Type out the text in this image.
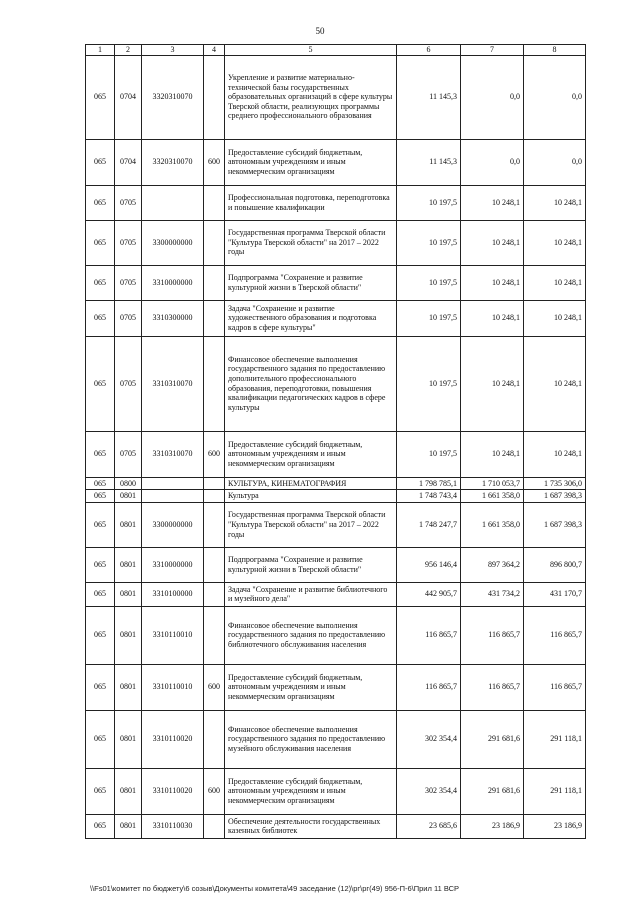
50
1	2	3	4	5	6	7	8
065	0704	3320310070		Укрепление и развитие материально-технической базы государственных образовательных организаций в сфере культуры Тверской области, реализующих программы среднего профессионального образования	11 145,3	0,0	0,0
065	0704	3320310070	600	Предоставление субсидий бюджетным, автономным учреждениям и иным некоммерческим организациям	11 145,3	0,0	0,0
065	0705			Профессиональная подготовка, переподготовка и повышение квалификации	10 197,5	10 248,1	10 248,1
065	0705	3300000000		Государственная программа Тверской области "Культура Тверской области" на 2017 – 2022 годы	10 197,5	10 248,1	10 248,1
065	0705	3310000000		Подпрограмма "Сохранение и развитие культурной жизни в Тверской области"	10 197,5	10 248,1	10 248,1
065	0705	3310300000		Задача "Сохранение и развитие художественного образования и подготовка кадров в сфере культуры"	10 197,5	10 248,1	10 248,1
065	0705	3310310070		Финансовое обеспечение выполнения государственного задания по предоставлению дополнительного профессионального образования, переподготовки, повышения квалификации педагогических кадров в сфере культуры	10 197,5	10 248,1	10 248,1
065	0705	3310310070	600	Предоставление субсидий бюджетным, автономным учреждениям и иным некоммерческим организациям	10 197,5	10 248,1	10 248,1
065	0800			КУЛЬТУРА, КИНЕМАТОГРАФИЯ	1 798 785,1	1 710 053,7	1 735 306,0
065	0801			Культура	1 748 743,4	1 661 358,0	1 687 398,3
065	0801	3300000000		Государственная программа Тверской области "Культура Тверской области" на 2017 – 2022 годы	1 748 247,7	1 661 358,0	1 687 398,3
065	0801	3310000000		Подпрограмма "Сохранение и развитие культурной жизни в Тверской области"	956 146,4	897 364,2	896 800,7
065	0801	3310100000		Задача "Сохранение и развитие библиотечного и музейного дела"	442 905,7	431 734,2	431 170,7
065	0801	3310110010		Финансовое обеспечение выполнения государственного задания по предоставлению библиотечного обслуживания населения	116 865,7	116 865,7	116 865,7
065	0801	3310110010	600	Предоставление субсидий бюджетным, автономным учреждениям и иным некоммерческим организациям	116 865,7	116 865,7	116 865,7
065	0801	3310110020		Финансовое обеспечение выполнения государственного задания по предоставлению музейного обслуживания населения	302 354,4	291 681,6	291 118,1
065	0801	3310110020	600	Предоставление субсидий бюджетным, автономным учреждениям и иным некоммерческим организациям	302 354,4	291 681,6	291 118,1
065	0801	3310110030		Обеспечение деятельности государственных казенных библиотек	23 685,6	23 186,9	23 186,9
\\Fs01\комитет по бюджету\6 созыв\Документы комитета\49 заседание (12)\рг\рг(49) 956-П-6\Прил 11 ВСР
